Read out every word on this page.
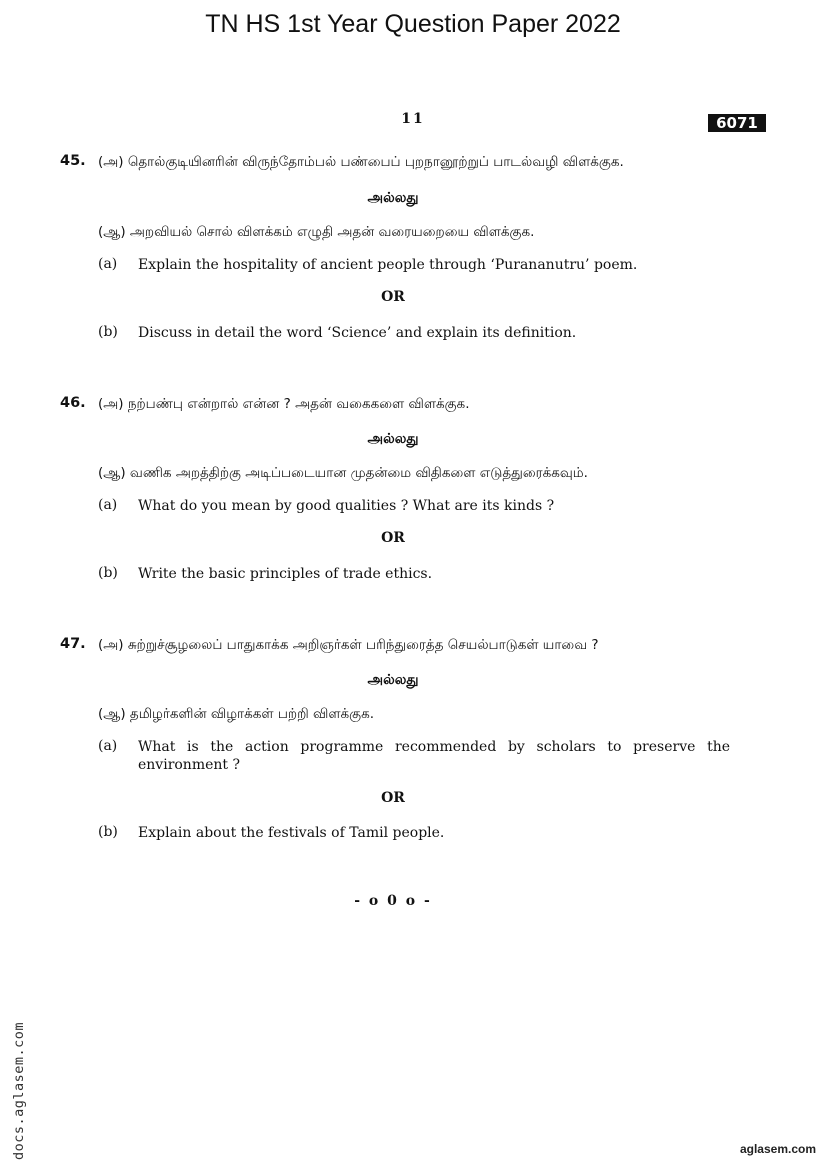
TN HS 1st Year Question Paper 2022
11	6071
45. (அ) தொல்குடியினரின் விருந்தோம்பல் பண்பைப் புறநானூற்றுப் பாடல்வழி விளக்குக.
அல்லது
(ஆ) அறவியல் சொல் விளக்கம் எழுதி அதன் வரையறையை விளக்குக.
(a) Explain the hospitality of ancient people through ‘Purananutru’ poem.
OR
(b) Discuss in detail the word ‘Science’ and explain its definition.
46. (அ) நற்பண்பு என்றால் என்ன ? அதன் வகைகளை விளக்குக.
அல்லது
(ஆ) வணிக அறத்திற்கு அடிப்படையான முதன்மை விதிகளை எடுத்துரைக்கவும்.
(a) What do you mean by good qualities ? What are its kinds ?
OR
(b) Write the basic principles of trade ethics.
47. (அ) சுற்றுச்சூழலைப் பாதுகாக்க அறிஞர்கள் பரிந்துரைத்த செயல்பாடுகள் யாவை ?
அல்லது
(ஆ) தமிழர்களின் விழாக்கள் பற்றி விளக்குக.
(a) What is the action programme recommended by scholars to preserve the environment ?
OR
(b) Explain about the festivals of Tamil people.
- o 0 o -
docs.aglasem.com	aglasem.com
